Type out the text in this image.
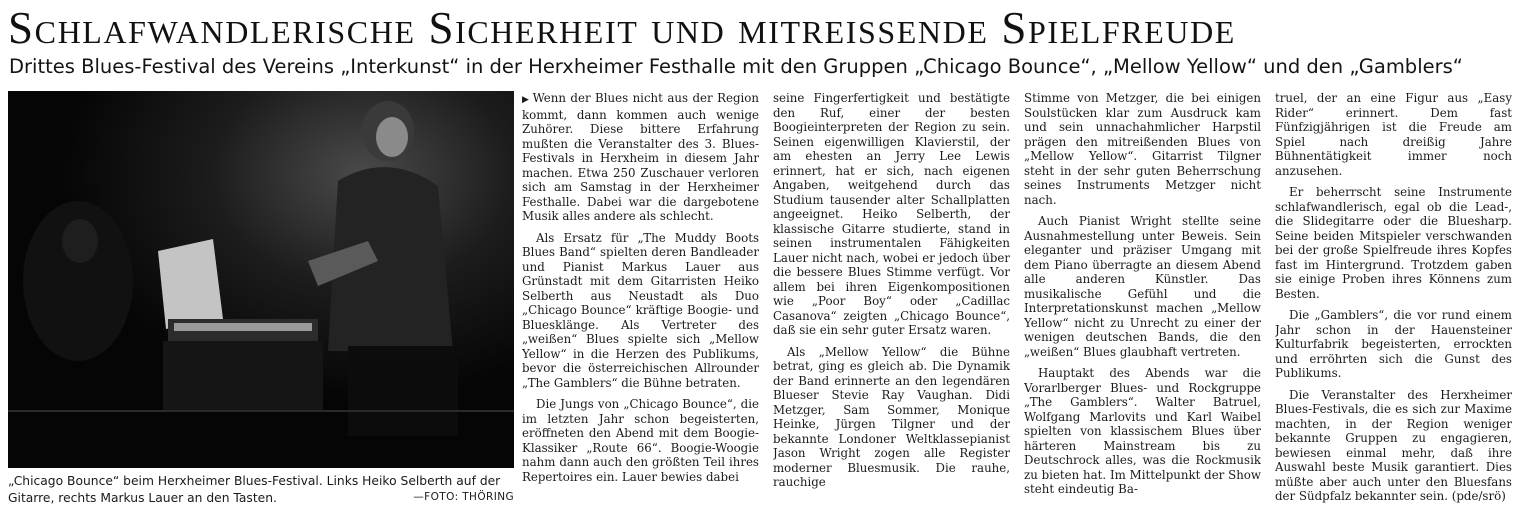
Schlafwandlerische Sicherheit und mitreissende Spielfreude
Drittes Blues-Festival des Vereins „Interkunst“ in der Herxheimer Festhalle mit den Gruppen „Chicago Bounce“, „Mellow Yellow“ und den „Gamblers“
„Chicago Bounce“ beim Herxheimer Blues-Festival. Links Heiko Selberth auf der Gitarre, rechts Markus Lauer an den Tasten.	—FOTO: THÖRING

▶ Wenn der Blues nicht aus der Region kommt, dann kommen auch wenige Zuhörer. Diese bittere Erfahrung mußten die Veranstalter des 3. Blues-Festivals in Herxheim in diesem Jahr machen. Etwa 250 Zuschauer verloren sich am Samstag in der Herxheimer Festhalle. Dabei war die dargebotene Musik alles andere als schlecht.

Als Ersatz für „The Muddy Boots Blues Band“ spielten deren Bandleader und Pianist Markus Lauer aus Grünstadt mit dem Gitarristen Heiko Selberth aus Neustadt als Duo „Chicago Bounce“ kräftige Boogie- und Bluesklänge. Als Vertreter des „weißen“ Blues spielte sich „Mellow Yellow“ in die Herzen des Publikums, bevor die österreichischen Allrounder „The Gamblers“ die Bühne betraten.

Die Jungs von „Chicago Bounce“, die im letzten Jahr schon begeisterten, eröffneten den Abend mit dem Boogie-Klassiker „Route 66“. Boogie-Woogie nahm dann auch den größten Teil ihres Repertoires ein. Lauer bewies dabei

seine Fingerfertigkeit und bestätigte den Ruf, einer der besten Boogieinterpreten der Region zu sein. Seinen eigenwilligen Klavierstil, der am ehesten an Jerry Lee Lewis erinnert, hat er sich, nach eigenen Angaben, weitgehend durch das Studium tausender alter Schallplatten angeeignet. Heiko Selberth, der klassische Gitarre studierte, stand in seinen instrumentalen Fähigkeiten Lauer nicht nach, wobei er jedoch über die bessere Blues Stimme verfügt. Vor allem bei ihren Eigenkompositionen wie „Poor Boy“ oder „Cadillac Casanova“ zeigten „Chicago Bounce“, daß sie ein sehr guter Ersatz waren.

Als „Mellow Yellow“ die Bühne betrat, ging es gleich ab. Die Dynamik der Band erinnerte an den legendären Blueser Stevie Ray Vaughan. Didi Metzger, Sam Sommer, Monique Heinke, Jürgen Tilgner und der bekannte Londoner Weltklassepianist Jason Wright zogen alle Register moderner Bluesmusik. Die rauhe, rauchige

Stimme von Metzger, die bei einigen Soulstücken klar zum Ausdruck kam und sein unnachahmlicher Harpstil prägen den mitreißenden Blues von „Mellow Yellow“. Gitarrist Tilgner steht in der sehr guten Beherrschung seines Instruments Metzger nicht nach.

Auch Pianist Wright stellte seine Ausnahmestellung unter Beweis. Sein eleganter und präziser Umgang mit dem Piano überragte an diesem Abend alle anderen Künstler. Das musikalische Gefühl und die Interpretationskunst machen „Mellow Yellow“ nicht zu Unrecht zu einer der wenigen deutschen Bands, die den „weißen“ Blues glaubhaft vertreten.

Hauptakt des Abends war die Vorarlberger Blues- und Rockgruppe „The Gamblers“. Walter Batruel, Wolfgang Marlovits und Karl Waibel spielten von klassischem Blues über härteren Mainstream bis zu Deutschrock alles, was die Rockmusik zu bieten hat. Im Mittelpunkt der Show steht eindeutig Ba-

truel, der an eine Figur aus „Easy Rider“ erinnert. Dem fast Fünfzigjährigen ist die Freude am Spiel nach dreißig Jahre Bühnentätigkeit immer noch anzusehen.

Er beherrscht seine Instrumente schlafwandlerisch, egal ob die Lead-, die Slidegitarre oder die Bluesharp. Seine beiden Mitspieler verschwanden bei der große Spielfreude ihres Kopfes fast im Hintergrund. Trotzdem gaben sie einige Proben ihres Könnens zum Besten.

Die „Gamblers“, die vor rund einem Jahr schon in der Hauensteiner Kulturfabrik begeisterten, errockten und erröhrten sich die Gunst des Publikums.

Die Veranstalter des Herxheimer Blues-Festivals, die es sich zur Maxime machten, in der Region weniger bekannte Gruppen zu engagieren, bewiesen einmal mehr, daß ihre Auswahl beste Musik garantiert. Dies müßte aber auch unter den Bluesfans der Südpfalz bekannter sein. (pde/srö)
